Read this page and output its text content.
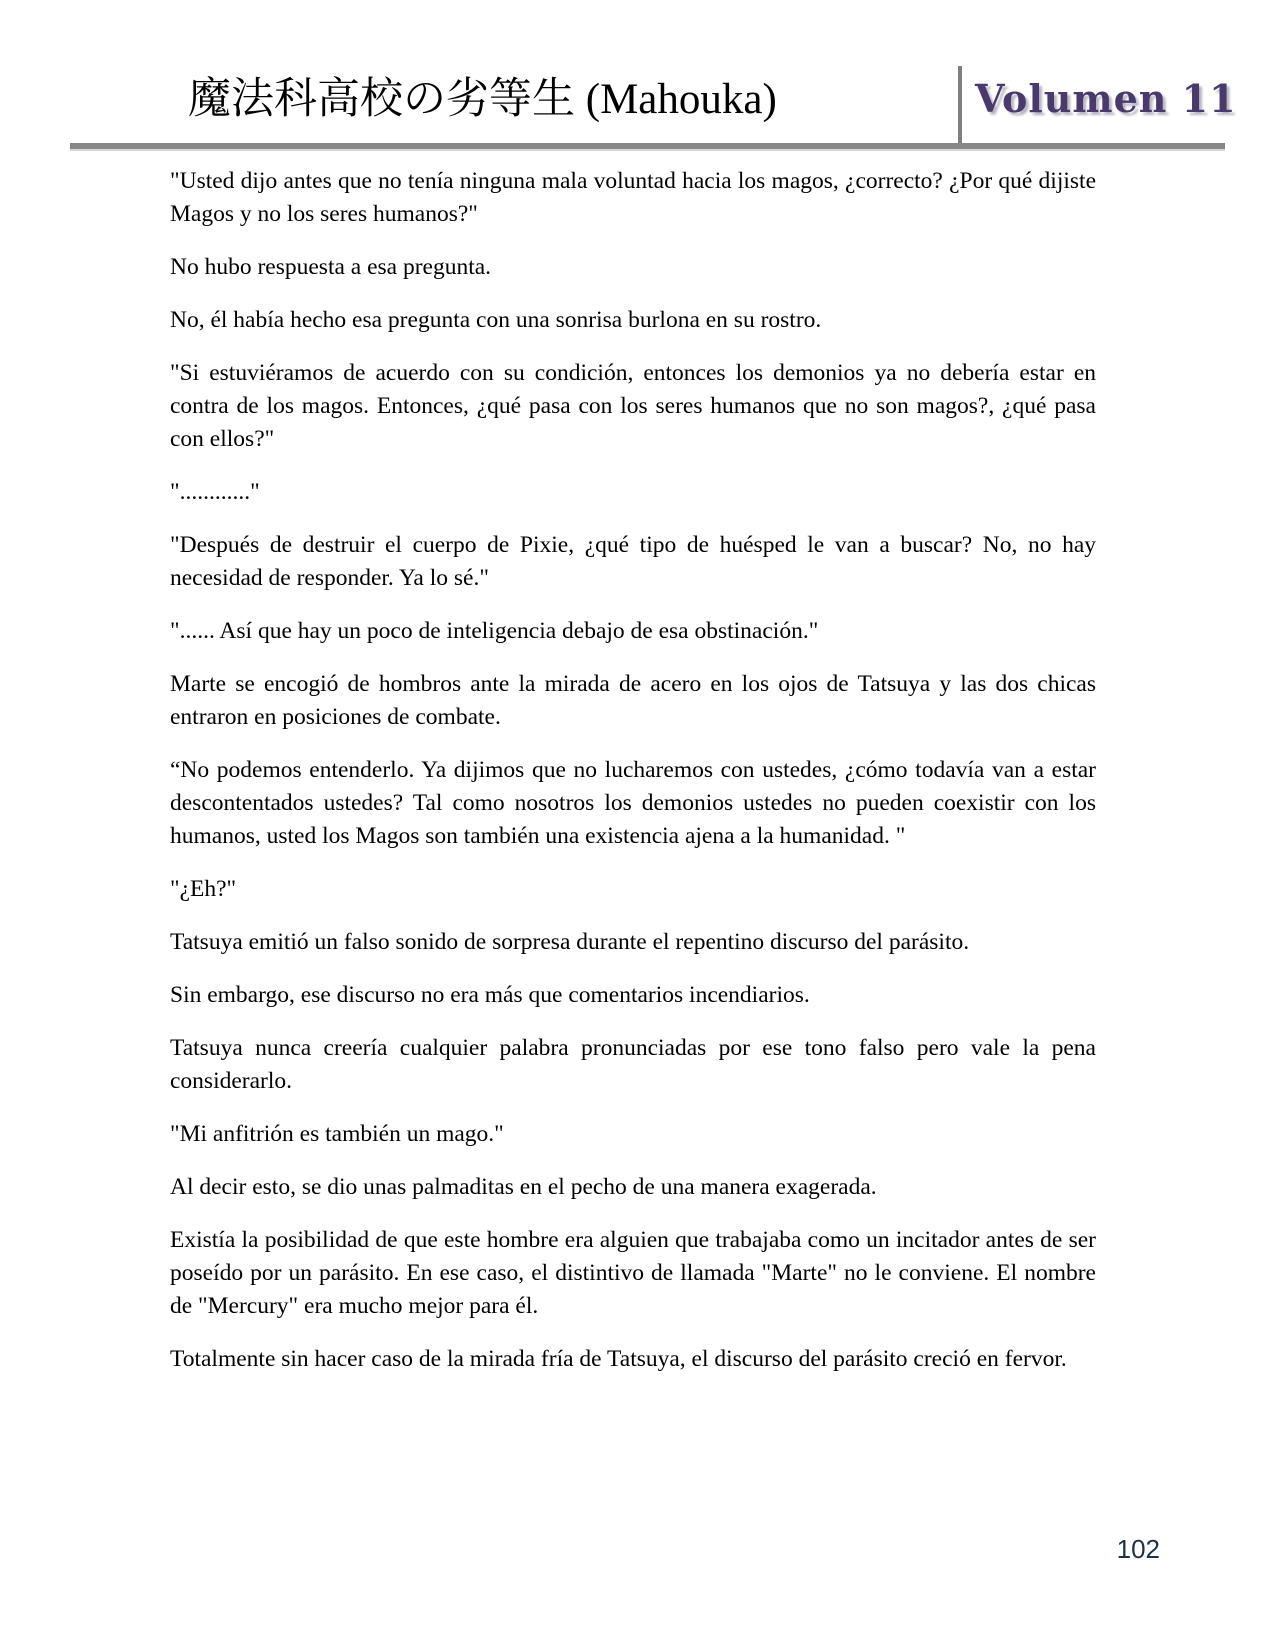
魔法科高校の劣等生 (Mahouka)	Volumen 11

"Usted dijo antes que no tenía ninguna mala voluntad hacia los magos, ¿correcto? ¿Por qué dijiste Magos y no los seres humanos?"

No hubo respuesta a esa pregunta.

No, él había hecho esa pregunta con una sonrisa burlona en su rostro.

"Si estuviéramos de acuerdo con su condición, entonces los demonios ya no debería estar en contra de los magos. Entonces, ¿qué pasa con los seres humanos que no son magos?, ¿qué pasa con ellos?"

"............"

"Después de destruir el cuerpo de Pixie, ¿qué tipo de huésped le van a buscar? No, no hay necesidad de responder. Ya lo sé."

"...... Así que hay un poco de inteligencia debajo de esa obstinación."

Marte se encogió de hombros ante la mirada de acero en los ojos de Tatsuya y las dos chicas entraron en posiciones de combate.

“No podemos entenderlo. Ya dijimos que no lucharemos con ustedes, ¿cómo todavía van a estar descontentados ustedes? Tal como nosotros los demonios ustedes no pueden coexistir con los humanos, usted los Magos son también una existencia ajena a la humanidad. "

"¿Eh?"

Tatsuya emitió un falso sonido de sorpresa durante el repentino discurso del parásito.

Sin embargo, ese discurso no era más que comentarios incendiarios.

Tatsuya nunca creería cualquier palabra pronunciadas por ese tono falso pero vale la pena considerarlo.

"Mi anfitrión es también un mago."

Al decir esto, se dio unas palmaditas en el pecho de una manera exagerada.

Existía la posibilidad de que este hombre era alguien que trabajaba como un incitador antes de ser poseído por un parásito. En ese caso, el distintivo de llamada "Marte" no le conviene. El nombre de "Mercury" era mucho mejor para él.

Totalmente sin hacer caso de la mirada fría de Tatsuya, el discurso del parásito creció en fervor.

102
